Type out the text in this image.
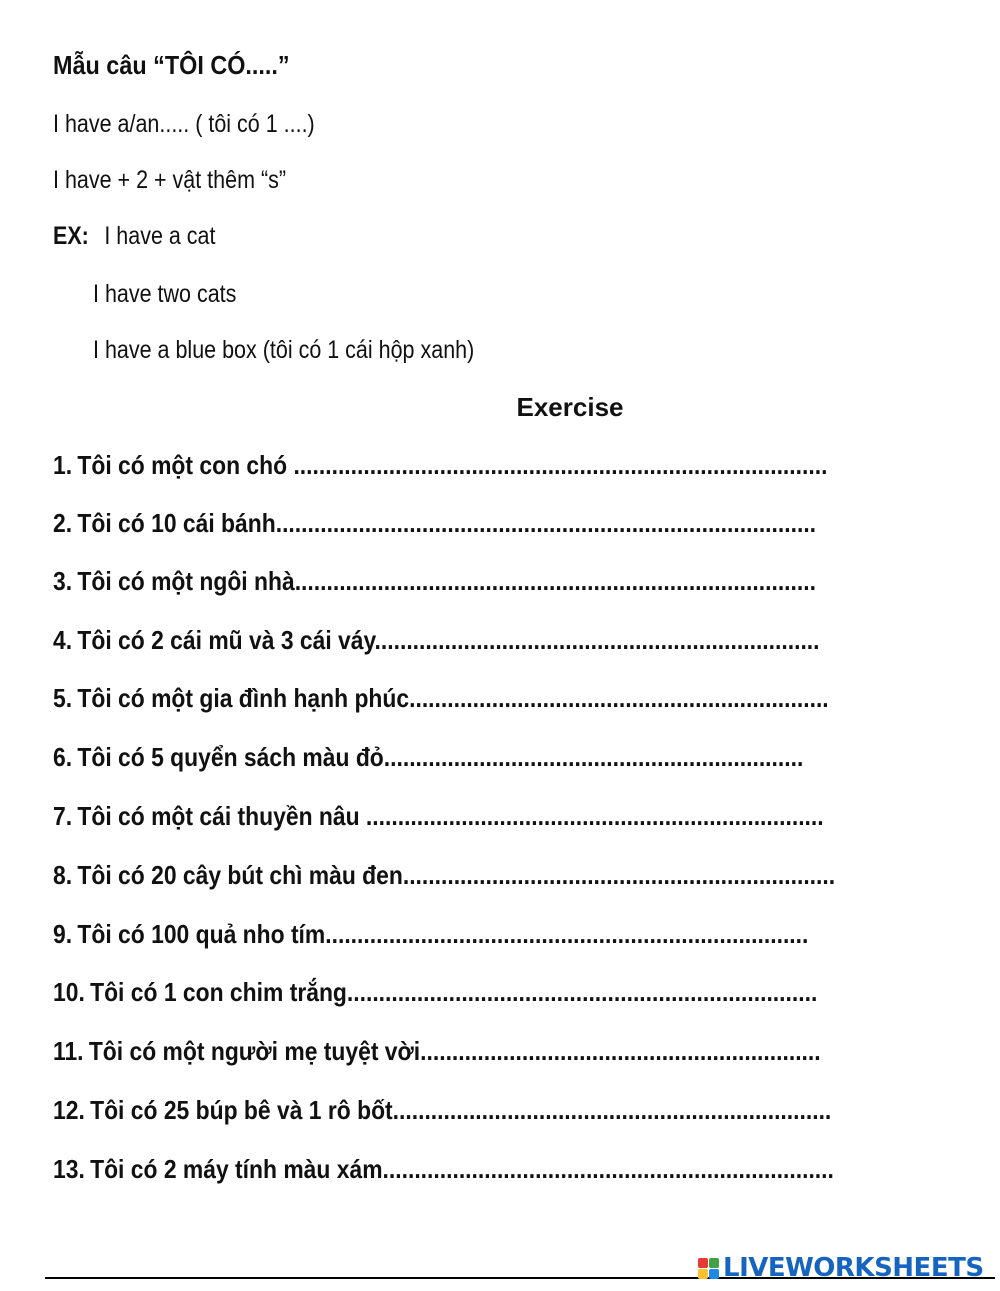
Mẫu câu “TÔI CÓ.....”
I have a/an..... ( tôi có 1 ....)
I have + 2 + vật thêm “s”
EX: I have a cat
I have two cats
I have a blue box (tôi có 1 cái hộp xanh)
Exercise
1. Tôi có một con chó ....................................................................................
2. Tôi có 10 cái bánh.....................................................................................
3. Tôi có một ngôi nhà..................................................................................
4. Tôi có 2 cái mũ và 3 cái váy......................................................................
5. Tôi có một gia đình hạnh phúc..................................................................
6. Tôi có 5 quyển sách màu đỏ..................................................................
7. Tôi có một cái thuyền nâu ........................................................................
8. Tôi có 20 cây bút chì màu đen....................................................................
9. Tôi có 100 quả nho tím............................................................................
10. Tôi có 1 con chim trắng..........................................................................
11. Tôi có một người mẹ tuyệt vời...............................................................
12. Tôi có 25 búp bê và 1 rô bốt.....................................................................
13. Tôi có 2 máy tính màu xám.......................................................................
LIVEWORKSHEETS
